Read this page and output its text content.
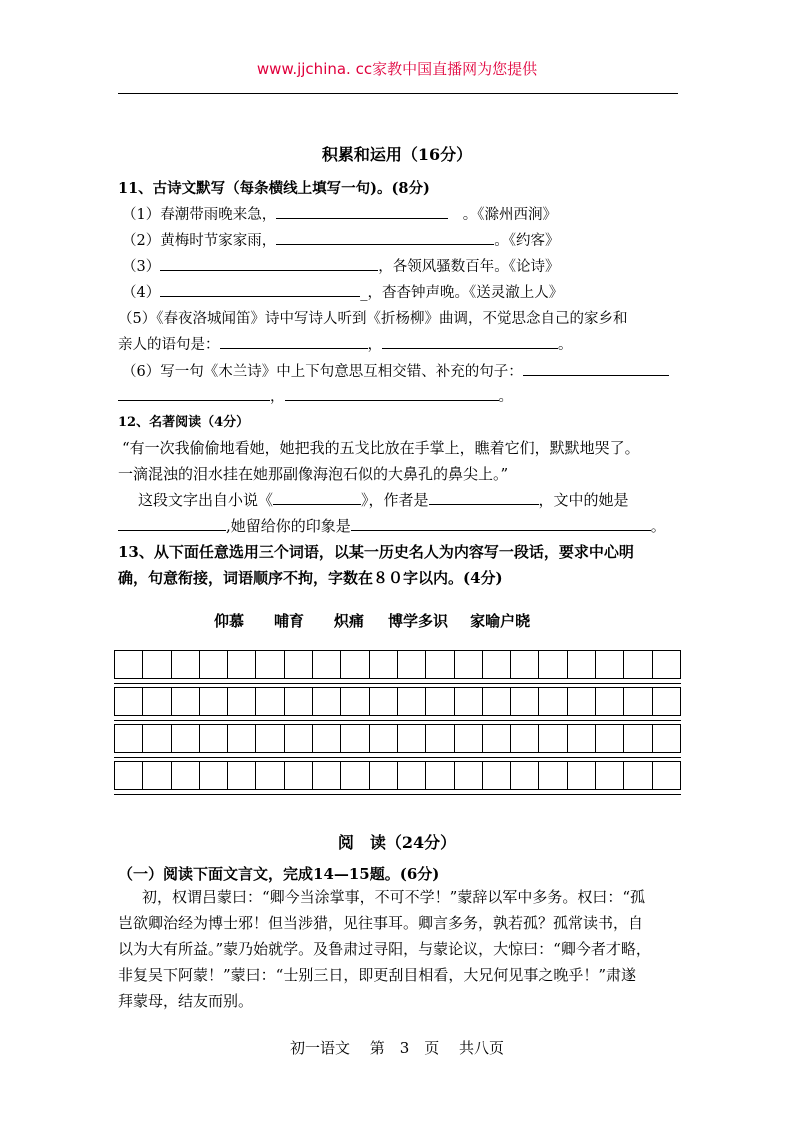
www.jjchina. cc家教中国直播网为您提供
积累和运用（16分）
11、古诗文默写（每条横线上填写一句)。(8分)
（1）春潮带雨晚来急，　	。《滁州西涧》
（2）黄梅时节家家雨，	。《约客》
（3）	，各领风骚数百年。《论诗》
（4）	_，杳杳钟声晚。《送灵澈上人》
（5）《春夜洛城闻笛》诗中写诗人听到《折杨柳》曲调，不觉思念自己的家乡和
亲人的语句是：	，	。
（6）写一句《木兰诗》中上下句意思互相交错、补充的句子：
，	。
12、名著阅读（4分）
“有一次我偷偷地看她，她把我的五戈比放在手掌上，瞧着它们，默默地哭了。
一滴混浊的泪水挂在她那副像海泡石似的大鼻孔的鼻尖上。”
这段文字出自小说《	》，作者是	，文中的她是
,她留给你的印象是	。
13、从下面任意选用三个词语，以某一历史名人为内容写一段话，要求中心明
确，句意衔接，词语顺序不拘，字数在８０字以内。(4分)
仰慕 哺育 炽痛 博学多识 家喻户晓
阅　读（24分）
（一）阅读下面文言文，完成14—15题。(6分)
初，权谓吕蒙曰：“卿今当涂掌事，不可不学！”蒙辞以军中多务。权曰：“孤
岂欲卿治经为博士邪！但当涉猎，见往事耳。卿言多务，孰若孤？孤常读书，自
以为大有所益。”蒙乃始就学。及鲁肃过寻阳，与蒙论议，大惊曰：“卿今者才略，
非复吴下阿蒙！”蒙曰：“士别三日，即更刮目相看，大兄何见事之晚乎！”肃遂
拜蒙母，结友而别。
初一语文　 第　3　页　 共八页
